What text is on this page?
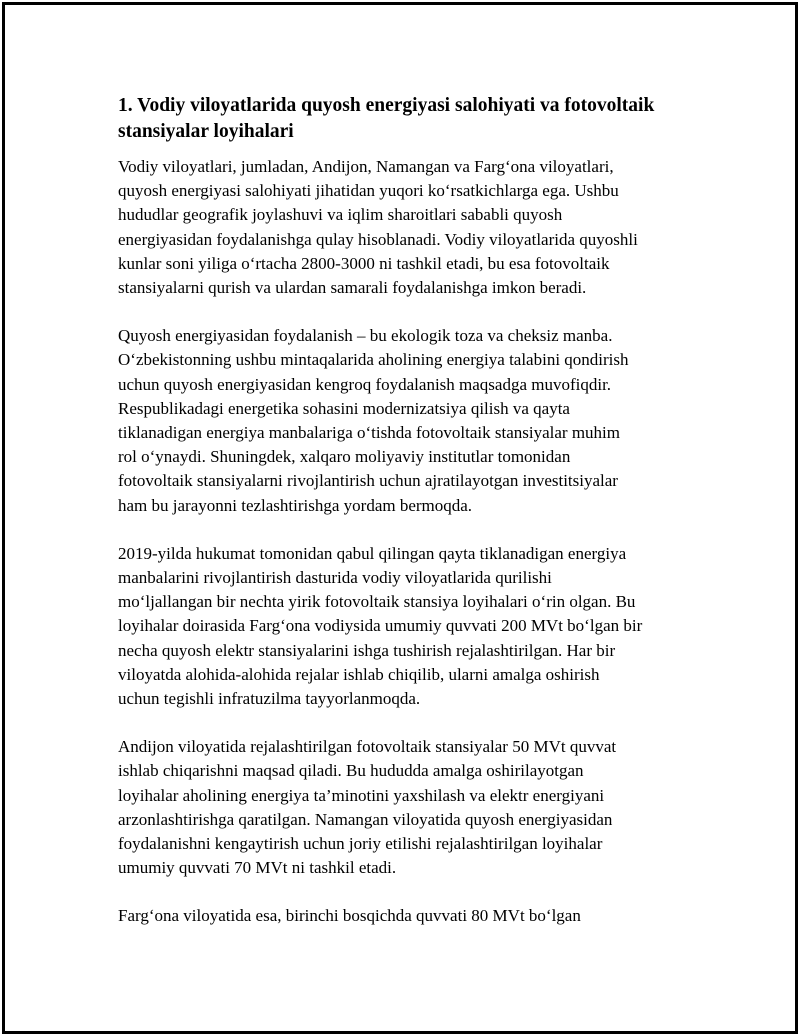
1. Vodiy viloyatlarida quyosh energiyasi salohiyati va fotovoltaik stansiyalar loyihalari

Vodiy viloyatlari, jumladan, Andijon, Namangan va Farg‘ona viloyatlari,
quyosh energiyasi salohiyati jihatidan yuqori ko‘rsatkichlarga ega. Ushbu
hududlar geografik joylashuvi va iqlim sharoitlari sababli quyosh
energiyasidan foydalanishga qulay hisoblanadi. Vodiy viloyatlarida quyoshli
kunlar soni yiliga o‘rtacha 2800-3000 ni tashkil etadi, bu esa fotovoltaik
stansiyalarni qurish va ulardan samarali foydalanishga imkon beradi.

Quyosh energiyasidan foydalanish – bu ekologik toza va cheksiz manba.
O‘zbekistonning ushbu mintaqalarida aholining energiya talabini qondirish
uchun quyosh energiyasidan kengroq foydalanish maqsadga muvofiqdir.
Respublikadagi energetika sohasini modernizatsiya qilish va qayta
tiklanadigan energiya manbalariga o‘tishda fotovoltaik stansiyalar muhim
rol o‘ynaydi. Shuningdek, xalqaro moliyaviy institutlar tomonidan
fotovoltaik stansiyalarni rivojlantirish uchun ajratilayotgan investitsiyalar
ham bu jarayonni tezlashtirishga yordam bermoqda.

2019-yilda hukumat tomonidan qabul qilingan qayta tiklanadigan energiya
manbalarini rivojlantirish dasturida vodiy viloyatlarida qurilishi
mo‘ljallangan bir nechta yirik fotovoltaik stansiya loyihalari o‘rin olgan. Bu
loyihalar doirasida Farg‘ona vodiysida umumiy quvvati 200 MVt bo‘lgan bir
necha quyosh elektr stansiyalarini ishga tushirish rejalashtirilgan. Har bir
viloyatda alohida-alohida rejalar ishlab chiqilib, ularni amalga oshirish
uchun tegishli infratuzilma tayyorlanmoqda.

Andijon viloyatida rejalashtirilgan fotovoltaik stansiyalar 50 MVt quvvat
ishlab chiqarishni maqsad qiladi. Bu hududda amalga oshirilayotgan
loyihalar aholining energiya ta’minotini yaxshilash va elektr energiyani
arzonlashtirishga qaratilgan. Namangan viloyatida quyosh energiyasidan
foydalanishni kengaytirish uchun joriy etilishi rejalashtirilgan loyihalar
umumiy quvvati 70 MVt ni tashkil etadi.

Farg‘ona viloyatida esa, birinchi bosqichda quvvati 80 MVt bo‘lgan
